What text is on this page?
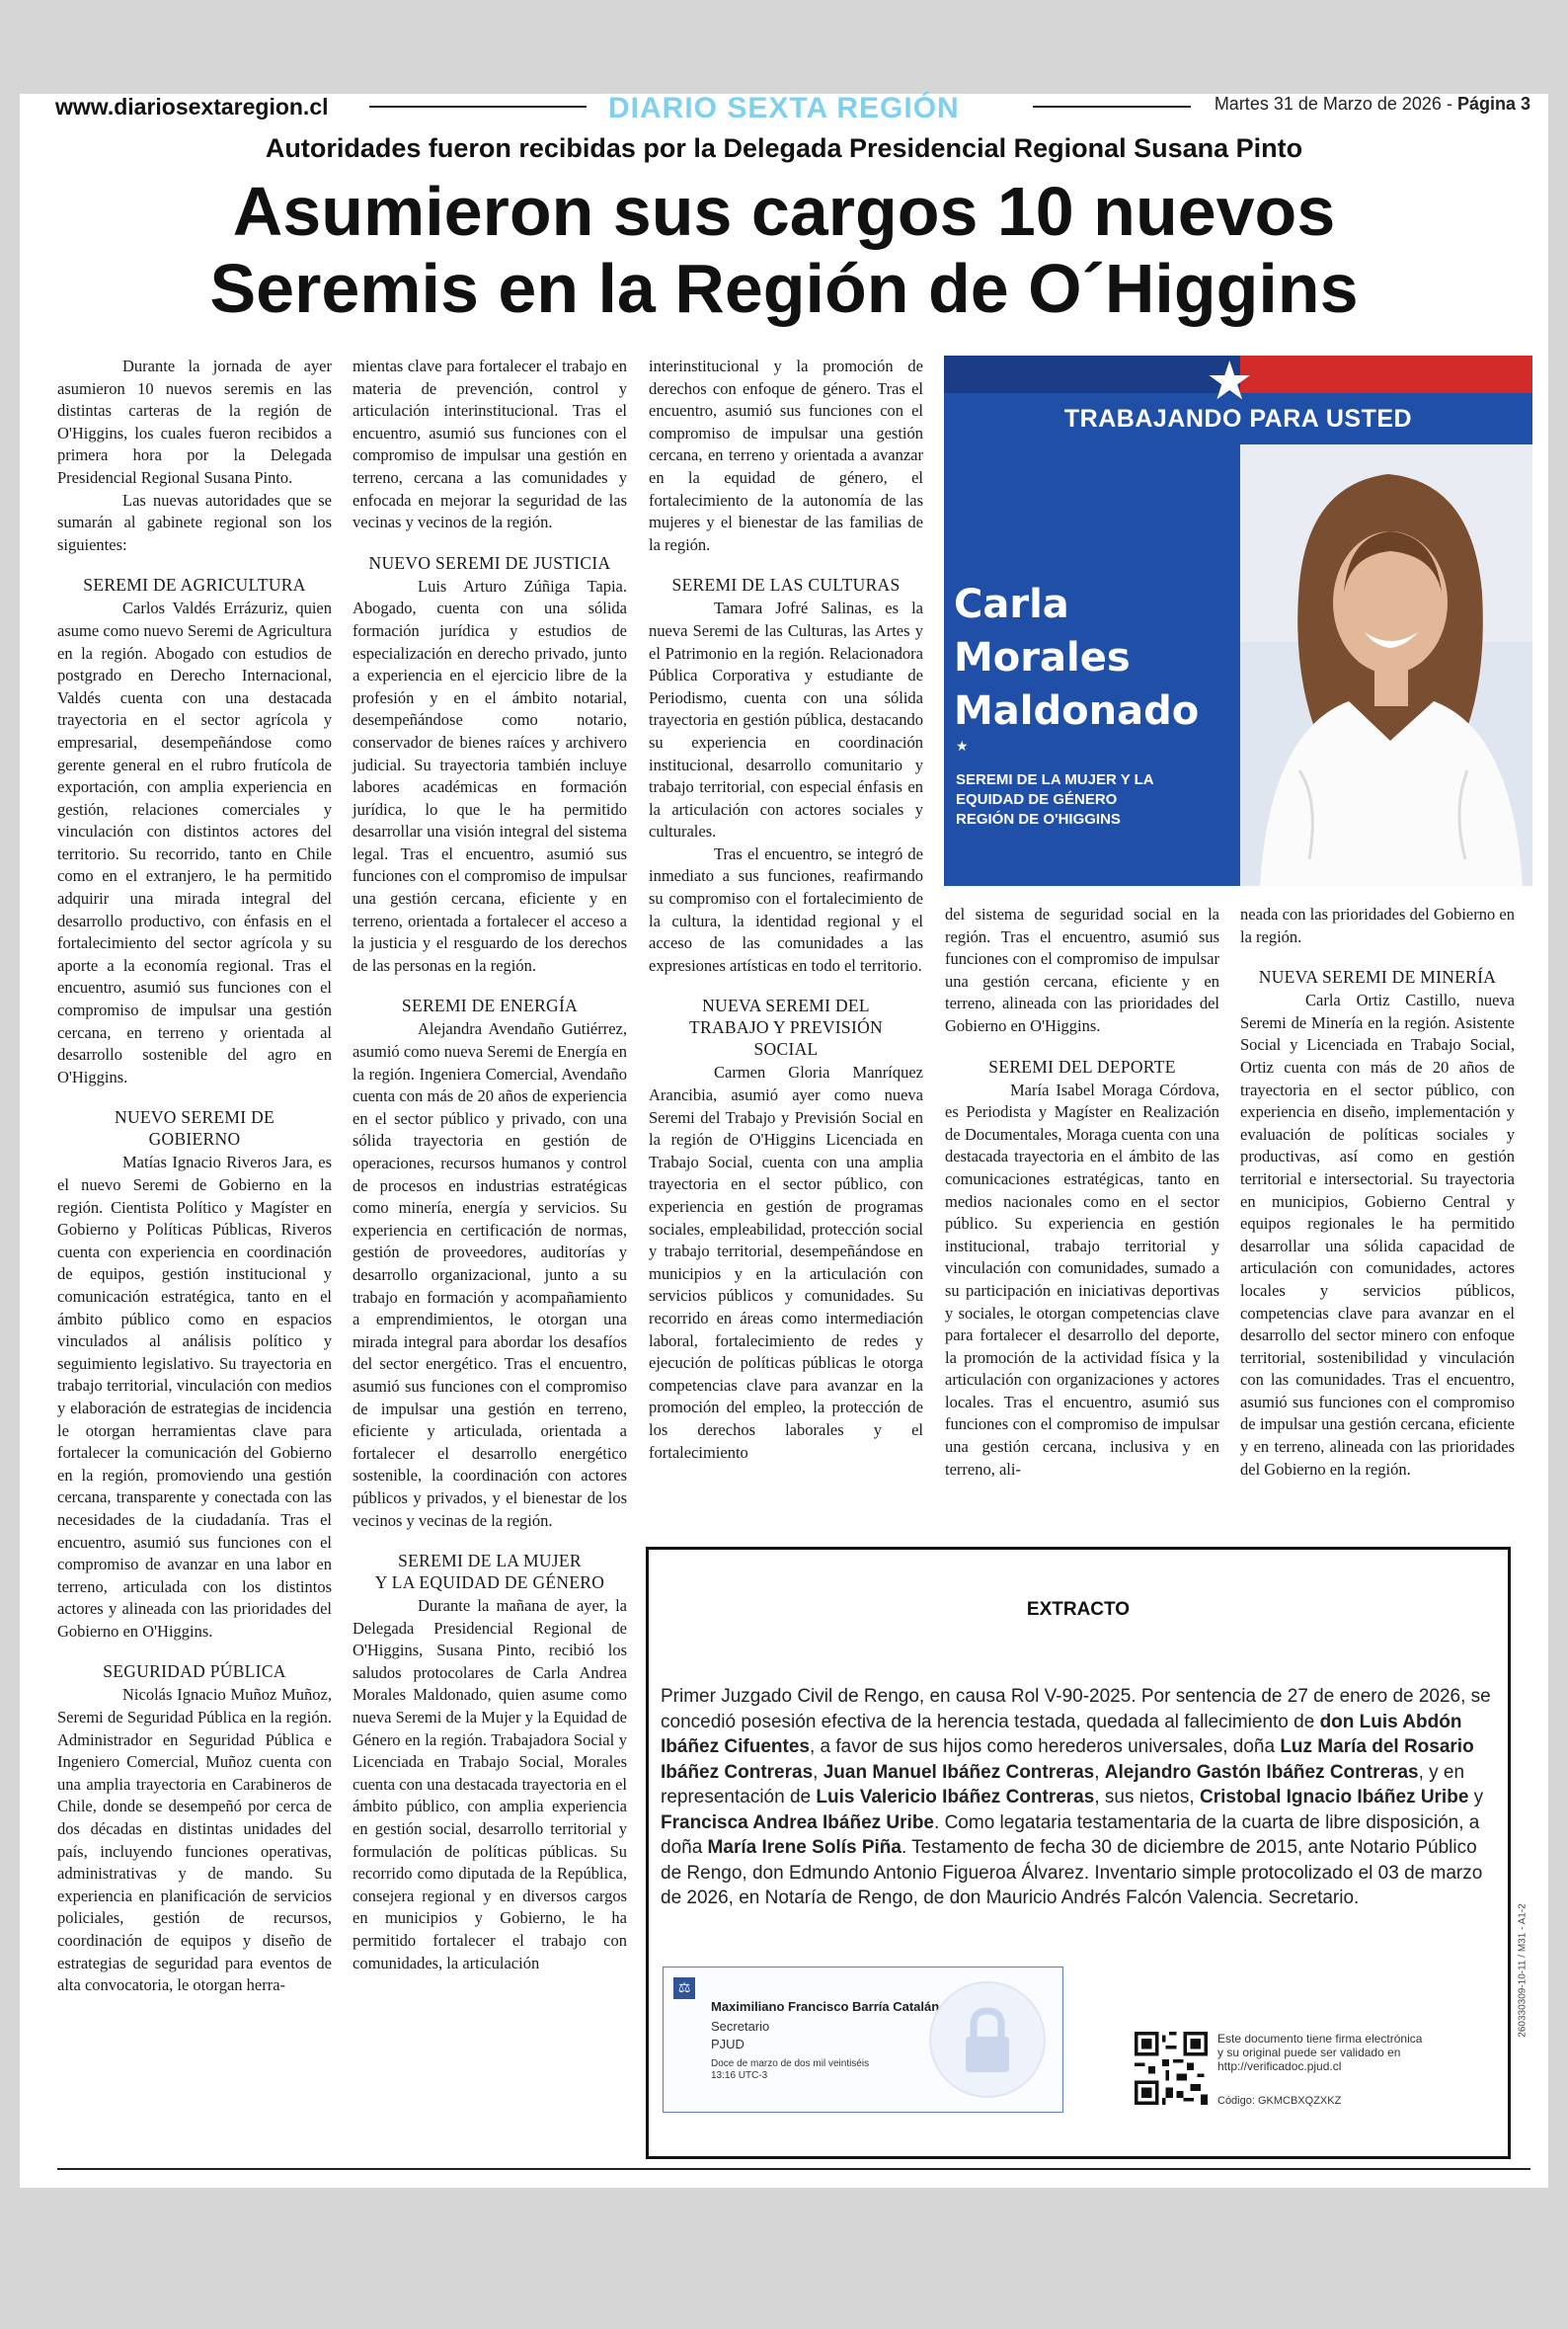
www.diariosextaregion.cl	DIARIO SEXTA REGIÓN	Martes 31 de Marzo de 2026 - Página 3
Autoridades fueron recibidas por la Delegada Presidencial Regional Susana Pinto
Asumieron sus cargos 10 nuevos
Seremis en la Región de O´Higgins

Durante la jornada de ayer asumieron 10 nuevos seremis en las distintas carteras de la región de O'Higgins, los cuales fueron recibidos a primera hora por la Delegada Presidencial Regional Susana Pinto.

Las nuevas autoridades que se sumarán al gabinete regional son los siguientes:

SEREMI DE AGRICULTURA

Carlos Valdés Errázuriz, quien asume como nuevo Seremi de Agricultura en la región. Abogado con estudios de postgrado en Derecho Internacional, Valdés cuenta con una destacada trayectoria en el sector agrícola y empresarial, desempeñándose como gerente general en el rubro frutícola de exportación, con amplia experiencia en gestión, relaciones comerciales y vinculación con distintos actores del territorio. Su recorrido, tanto en Chile como en el extranjero, le ha permitido adquirir una mirada integral del desarrollo productivo, con énfasis en el fortalecimiento del sector agrícola y su aporte a la economía regional. Tras el encuentro, asumió sus funciones con el compromiso de impulsar una gestión cercana, en terreno y orientada al desarrollo sostenible del agro en O'Higgins.

NUEVO SEREMI DE GOBIERNO

Matías Ignacio Riveros Jara, es el nuevo Seremi de Gobierno en la región. Cientista Político y Magíster en Gobierno y Políticas Públicas, Riveros cuenta con experiencia en coordinación de equipos, gestión institucional y comunicación estratégica, tanto en el ámbito público como en espacios vinculados al análisis político y seguimiento legislativo. Su trayectoria en trabajo territorial, vinculación con medios y elaboración de estrategias de incidencia le otorgan herramientas clave para fortalecer la comunicación del Gobierno en la región, promoviendo una gestión cercana, transparente y conectada con las necesidades de la ciudadanía. Tras el encuentro, asumió sus funciones con el compromiso de avanzar en una labor en terreno, articulada con los distintos actores y alineada con las prioridades del Gobierno en O'Higgins.

SEGURIDAD PÚBLICA

Nicolás Ignacio Muñoz Muñoz, Seremi de Seguridad Pública en la región. Administrador en Seguridad Pública e Ingeniero Comercial, Muñoz cuenta con una amplia trayectoria en Carabineros de Chile, donde se desempeñó por cerca de dos décadas en distintas unidades del país, incluyendo funciones operativas, administrativas y de mando. Su experiencia en planificación de servicios policiales, gestión de recursos, coordinación de equipos y diseño de estrategias de seguridad para eventos de alta convocatoria, le otorgan herra-

mientas clave para fortalecer el trabajo en materia de prevención, control y articulación interinstitucional. Tras el encuentro, asumió sus funciones con el compromiso de impulsar una gestión en terreno, cercana a las comunidades y enfocada en mejorar la seguridad de las vecinas y vecinos de la región.

NUEVO SEREMI DE JUSTICIA

Luis Arturo Zúñiga Tapia. Abogado, cuenta con una sólida formación jurídica y estudios de especialización en derecho privado, junto a experiencia en el ejercicio libre de la profesión y en el ámbito notarial, desempeñándose como notario, conservador de bienes raíces y archivero judicial. Su trayectoria también incluye labores académicas en formación jurídica, lo que le ha permitido desarrollar una visión integral del sistema legal. Tras el encuentro, asumió sus funciones con el compromiso de impulsar una gestión cercana, eficiente y en terreno, orientada a fortalecer el acceso a la justicia y el resguardo de los derechos de las personas en la región.

SEREMI DE ENERGÍA

Alejandra Avendaño Gutiérrez, asumió como nueva Seremi de Energía en la región. Ingeniera Comercial, Avendaño cuenta con más de 20 años de experiencia en el sector público y privado, con una sólida trayectoria en gestión de operaciones, recursos humanos y control de procesos en industrias estratégicas como minería, energía y servicios. Su experiencia en certificación de normas, gestión de proveedores, auditorías y desarrollo organizacional, junto a su trabajo en formación y acompañamiento a emprendimientos, le otorgan una mirada integral para abordar los desafíos del sector energético. Tras el encuentro, asumió sus funciones con el compromiso de impulsar una gestión en terreno, eficiente y articulada, orientada a fortalecer el desarrollo energético sostenible, la coordinación con actores públicos y privados, y el bienestar de los vecinos y vecinas de la región.

SEREMI DE LA MUJER
Y LA EQUIDAD DE GÉNERO

Durante la mañana de ayer, la Delegada Presidencial Regional de O'Higgins, Susana Pinto, recibió los saludos protocolares de Carla Andrea Morales Maldonado, quien asume como nueva Seremi de la Mujer y la Equidad de Género en la región. Trabajadora Social y Licenciada en Trabajo Social, Morales cuenta con una destacada trayectoria en el ámbito público, con amplia experiencia en gestión social, desarrollo territorial y formulación de políticas públicas. Su recorrido como diputada de la República, consejera regional y en diversos cargos en municipios y Gobierno, le ha permitido fortalecer el trabajo con comunidades, la articulación

interinstitucional y la promoción de derechos con enfoque de género. Tras el encuentro, asumió sus funciones con el compromiso de impulsar una gestión cercana, en terreno y orientada a avanzar en la equidad de género, el fortalecimiento de la autonomía de las mujeres y el bienestar de las familias de la región.

SEREMI DE LAS CULTURAS

Tamara Jofré Salinas, es la nueva Seremi de las Culturas, las Artes y el Patrimonio en la región. Relacionadora Pública Corporativa y estudiante de Periodismo, cuenta con una sólida trayectoria en gestión pública, destacando su experiencia en coordinación institucional, desarrollo comunitario y trabajo territorial, con especial énfasis en la articulación con actores sociales y culturales.

Tras el encuentro, se integró de inmediato a sus funciones, reafirmando su compromiso con el fortalecimiento de la cultura, la identidad regional y el acceso de las comunidades a las expresiones artísticas en todo el territorio.

NUEVA SEREMI DEL
TRABAJO Y PREVISIÓN
SOCIAL

Carmen Gloria Manríquez Arancibia, asumió ayer como nueva Seremi del Trabajo y Previsión Social en la región de O'Higgins Licenciada en Trabajo Social, cuenta con una amplia trayectoria en el sector público, con experiencia en gestión de programas sociales, empleabilidad, protección social y trabajo territorial, desempeñándose en municipios y en la articulación con servicios públicos y comunidades. Su recorrido en áreas como intermediación laboral, fortalecimiento de redes y ejecución de políticas públicas le otorga competencias clave para avanzar en la promoción del empleo, la protección de los derechos laborales y el fortalecimiento

★
TRABAJANDO PARA USTED
Carla
Morales
Maldonado
★
SEREMI DE LA MUJER Y LA
EQUIDAD DE GÉNERO
REGIÓN DE O'HIGGINS

del sistema de seguridad social en la región. Tras el encuentro, asumió sus funciones con el compromiso de impulsar una gestión cercana, eficiente y en terreno, alineada con las prioridades del Gobierno en O'Higgins.

SEREMI DEL DEPORTE

María Isabel Moraga Córdova, es Periodista y Magíster en Realización de Documentales, Moraga cuenta con una destacada trayectoria en el ámbito de las comunicaciones estratégicas, tanto en medios nacionales como en el sector público. Su experiencia en gestión institucional, trabajo territorial y vinculación con comunidades, sumado a su participación en iniciativas deportivas y sociales, le otorgan competencias clave para fortalecer el desarrollo del deporte, la promoción de la actividad física y la articulación con organizaciones y actores locales. Tras el encuentro, asumió sus funciones con el compromiso de impulsar una gestión cercana, inclusiva y en terreno, ali-

neada con las prioridades del Gobierno en la región.

NUEVA SEREMI DE MINERÍA

Carla Ortiz Castillo, nueva Seremi de Minería en la región. Asistente Social y Licenciada en Trabajo Social, Ortiz cuenta con más de 20 años de trayectoria en el sector público, con experiencia en diseño, implementación y evaluación de políticas sociales y productivas, así como en gestión territorial e intersectorial. Su trayectoria en municipios, Gobierno Central y equipos regionales le ha permitido desarrollar una sólida capacidad de articulación con comunidades, actores locales y servicios públicos, competencias clave para avanzar en el desarrollo del sector minero con enfoque territorial, sostenibilidad y vinculación con las comunidades. Tras el encuentro, asumió sus funciones con el compromiso de impulsar una gestión cercana, eficiente y en terreno, alineada con las prioridades del Gobierno en la región.

EXTRACTO
Primer Juzgado Civil de Rengo, en causa Rol V-90-2025. Por sentencia de 27 de enero de 2026, se concedió posesión efectiva de la herencia testada, quedada al fallecimiento de don Luis Abdón Ibáñez Cifuentes, a favor de sus hijos como herederos universales, doña Luz María del Rosario Ibáñez Contreras, Juan Manuel Ibáñez Contreras, Alejandro Gastón Ibáñez Contreras, y en representación de Luis Valericio Ibáñez Contreras, sus nietos, Cristobal Ignacio Ibáñez Uribe y Francisca Andrea Ibáñez Uribe. Como legataria testamentaria de la cuarta de libre disposición, a doña María Irene Solís Piña. Testamento de fecha 30 de diciembre de 2015, ante Notario Público de Rengo, don Edmundo Antonio Figueroa Álvarez. Inventario simple protocolizado el 03 de marzo de 2026, en Notaría de Rengo, de don Mauricio Andrés Falcón Valencia. Secretario.
⚖
Maximiliano Francisco Barría Catalán
Secretario
PJUD
Doce de marzo de dos mil veintiséis
13:16 UTC-3
Este documento tiene firma electrónica
y su original puede ser validado en
http://verificadoc.pjud.cl
Código: GKMCBXQZXKZ
260330309-10-11 / M31 - A1-2
